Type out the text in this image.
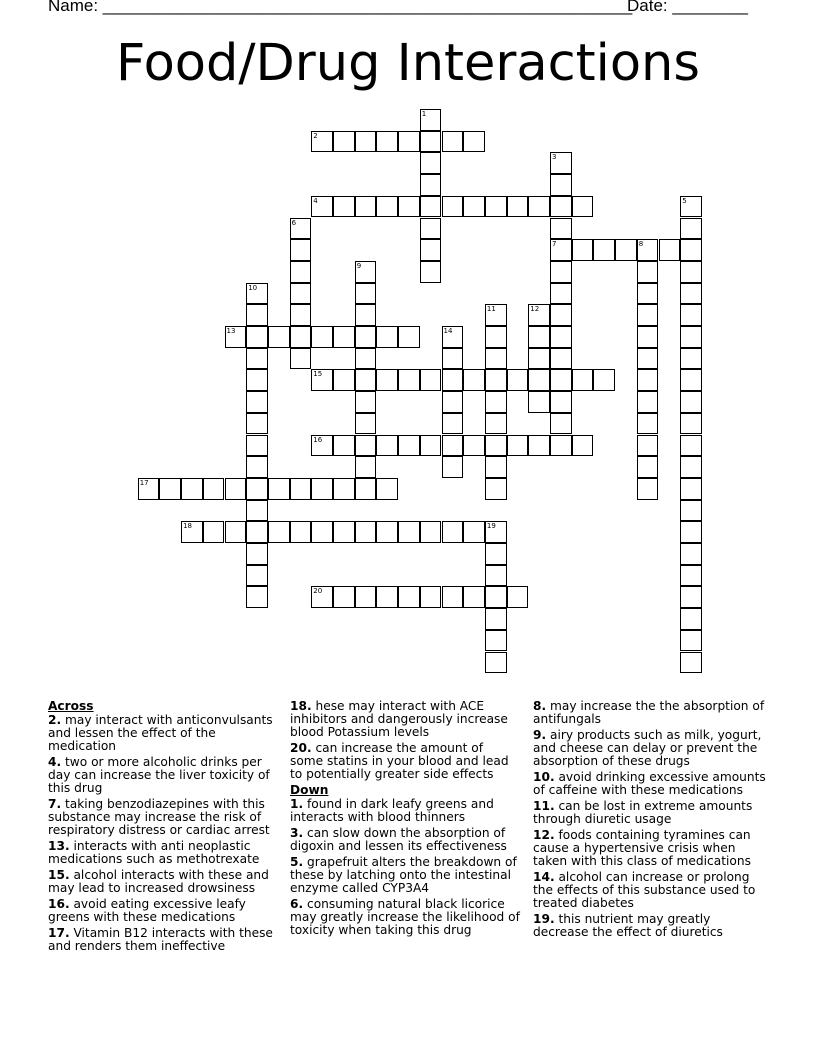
Name: ________________________________________________________
Date: ________
Food/Drug Interactions
1
2
3
7
4	5
6
8
9
10
11	12
13	14
15
16
17
18	19
20
Across
2. may interact with anticonvulsants and lessen the effect of the medication
4. two or more alcoholic drinks per day can increase the liver toxicity of this drug
7. taking benzodiazepines with this substance may increase the risk of respiratory distress or cardiac arrest
13. interacts with anti neoplastic medications such as methotrexate
15. alcohol interacts with these and may lead to increased drowsiness
16. avoid eating excessive leafy greens with these medications
17. Vitamin B12 interacts with these and renders them ineffective
18. hese may interact with ACE inhibitors and dangerously increase blood Potassium levels
20. can increase the amount of some statins in your blood and lead to potentially greater side effects
Down
1. found in dark leafy greens and interacts with blood thinners
3. can slow down the absorption of digoxin and lessen its effectiveness
5. grapefruit alters the breakdown of these by latching onto the intestinal enzyme called CYP3A4
6. consuming natural black licorice may greatly increase the likelihood of toxicity when taking this drug
8. may increase the the absorption of antifungals
9. airy products such as milk, yogurt, and cheese can delay or prevent the absorption of these drugs
10. avoid drinking excessive amounts of caffeine with these medications
11. can be lost in extreme amounts through diuretic usage
12. foods containing tyramines can cause a hypertensive crisis when taken with this class of medications
14. alcohol can increase or prolong the effects of this substance used to treated diabetes
19. this nutrient may greatly decrease the effect of diuretics
